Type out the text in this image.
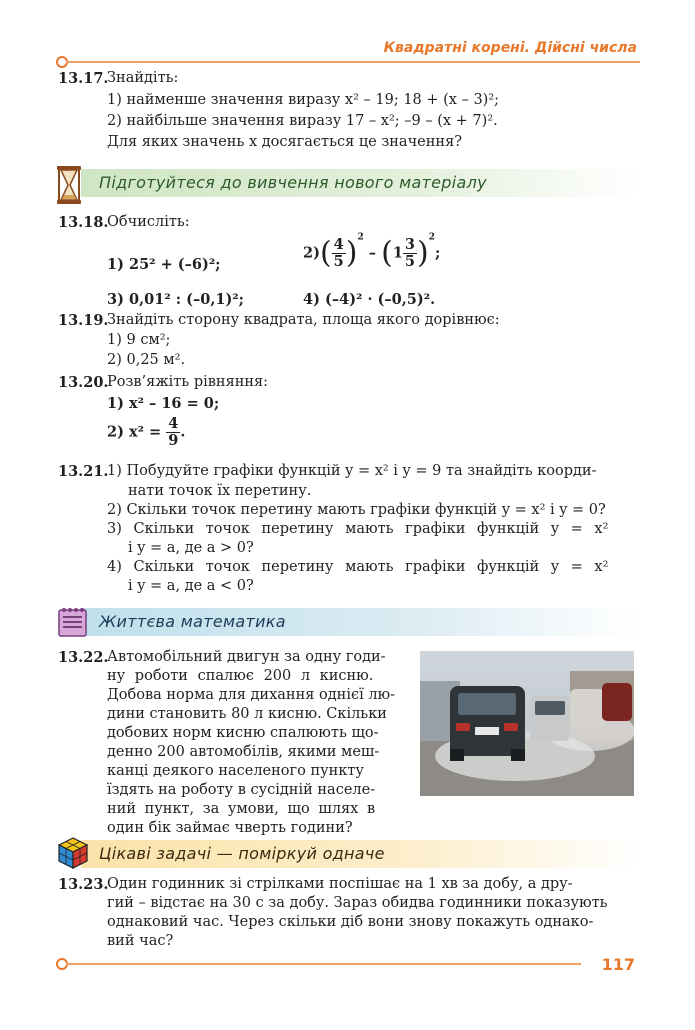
Квадратні корені. Дійсні числа
13.17.
Знайдіть:
1) найменше значення виразу x² – 19; 18 + (x – 3)²;
2) найбільше значення виразу 17 – x²; –9 – (x + 7)².
Для яких значень x досягається це значення?
Підготуйтеся до вивчення нового матеріалу
13.18.
Обчисліть:
1) 25² + (–6)²;
$2)( \frac{4}{5} )^2 - (1 \frac{3}{5} )^2$;
3) 0,01² : (–0,1)²;	4) (–4)² · (–0,5)².
13.19.
Знайдіть сторону квадрата, площа якого дорівнює:
1) 9 см²;
2) 0,25 м².
13.20.
Розв’яжіть рівняння:
1) x² – 16 = 0;
2) $x^2 = \frac{4}{9}$ .
13.21.
1) Побудуйте графіки функцій y = x² і y = 9 та знайдіть коорди-
нати точок їх перетину.
2) Скільки точок перетину мають графіки функцій y = x² і y = 0?
3) Скільки точок перетину мають графіки функцій y = x²
і y = a, де a > 0?
4) Скільки точок перетину мають графіки функцій y = x²
і y = a, де a < 0?
Життєва математика
13.22.
Автомобільний двигун за одну годи-
ну роботи спалює 200 л кисню.
Добова норма для дихання однієї лю-
дини становить 80 л кисню. Скільки
добових норм кисню спалюють що-
денно 200 автомобілів, якими меш-
канці деякого населеного пункту
їздять на роботу в сусідній населе-
ний пункт, за умови, що шлях в
один бік займає чверть години?
Цікаві задачі — поміркуй одначе
13.23.
Один годинник зі стрілками поспішає на 1 хв за добу, а дру-
гий – відстає на 30 с за добу. Зараз обидва годинники показують
однаковий час. Через скільки діб вони знову покажуть однако-
вий час?
117
